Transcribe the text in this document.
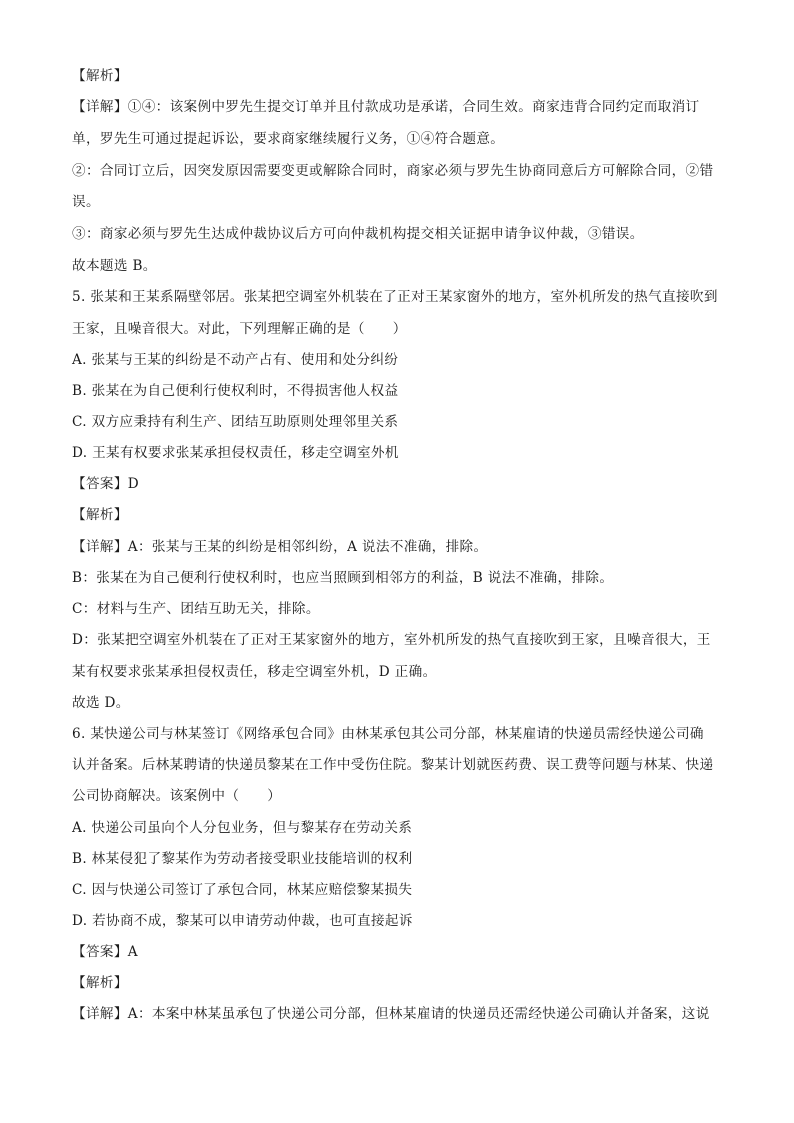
【解析】
【详解】①④：该案例中罗先生提交订单并且付款成功是承诺，合同生效。商家违背合同约定而取消订
单，罗先生可通过提起诉讼，要求商家继续履行义务，①④符合题意。
②：合同订立后，因突发原因需要变更或解除合同时，商家必须与罗先生协商同意后方可解除合同，②错
误。
③：商家必须与罗先生达成仲裁协议后方可向仲裁机构提交相关证据申请争议仲裁，③错误。
故本题选 B。
5. 张某和王某系隔壁邻居。张某把空调室外机装在了正对王某家窗外的地方，室外机所发的热气直接吹到
王家，且噪音很大。对此，下列理解正确的是（　　）
A. 张某与王某的纠纷是不动产占有、使用和处分纠纷
B. 张某在为自己便利行使权利时，不得损害他人权益
C. 双方应秉持有利生产、团结互助原则处理邻里关系
D. 王某有权要求张某承担侵权责任，移走空调室外机
【答案】D
【解析】
【详解】A：张某与王某的纠纷是相邻纠纷，A 说法不准确，排除。
B：张某在为自己便利行使权利时，也应当照顾到相邻方的利益，B 说法不准确，排除。
C：材料与生产、团结互助无关，排除。
D：张某把空调室外机装在了正对王某家窗外的地方，室外机所发的热气直接吹到王家，且噪音很大，王
某有权要求张某承担侵权责任，移走空调室外机，D 正确。
故选 D。
6. 某快递公司与林某签订《网络承包合同》由林某承包其公司分部，林某雇请的快递员需经快递公司确
认并备案。后林某聘请的快递员黎某在工作中受伤住院。黎某计划就医药费、误工费等问题与林某、快递
公司协商解决。该案例中（　　）
A. 快递公司虽向个人分包业务，但与黎某存在劳动关系
B. 林某侵犯了黎某作为劳动者接受职业技能培训的权利
C. 因与快递公司签订了承包合同，林某应赔偿黎某损失
D. 若协商不成，黎某可以申请劳动仲裁，也可直接起诉
【答案】A
【解析】
【详解】A：本案中林某虽承包了快递公司分部，但林某雇请的快递员还需经快递公司确认并备案，这说
